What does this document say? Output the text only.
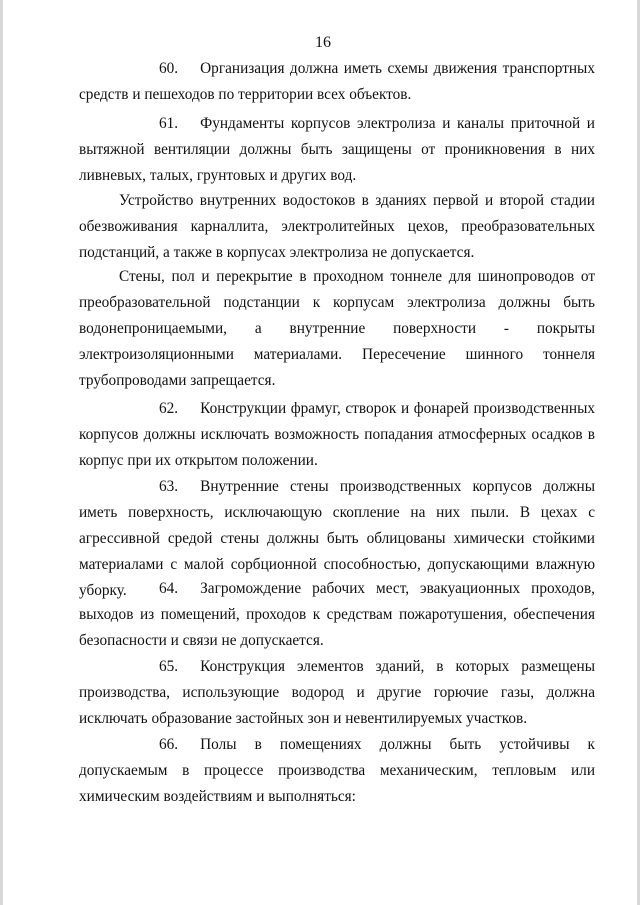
16

60. Организация должна иметь схемы движения транспортных средств и пешеходов по территории всех объектов.

61. Фундаменты корпусов электролиза и каналы приточной и вытяжной вентиляции должны быть защищены от проникновения в них ливневых, талых, грунтовых и других вод.

Устройство внутренних водостоков в зданиях первой и второй стадии обезвоживания карналлита, электролитейных цехов, преобразовательных подстанций, а также в корпусах электролиза не допускается.

Стены, пол и перекрытие в проходном тоннеле для шинопроводов от преобразовательной подстанции к корпусам электролиза должны быть водонепроницаемыми, а внутренние поверхности - покрыты электроизоляционными материалами. Пересечение шинного тоннеля трубопроводами запрещается.

62. Конструкции фрамуг, створок и фонарей производственных корпусов должны исключать возможность попадания атмосферных осадков в корпус при их открытом положении.

63. Внутренние стены производственных корпусов должны иметь поверхность, исключающую скопление на них пыли. В цехах с агрессивной средой стены должны быть облицованы химически стойкими материалами с малой сорбционной способностью, допускающими влажную уборку.	64. Загромождение рабочих мест, эвакуационных проходов, выходов из помещений, проходов к средствам пожаротушения, обеспечения безопасности и связи не допускается.

65. Конструкция элементов зданий, в которых размещены производства, использующие водород и другие горючие газы, должна исключать образование застойных зон и невентилируемых участков.

66. Полы в помещениях должны быть устойчивы к допускаемым в процессе производства механическим, тепловым или химическим воздействиям и выполняться:
